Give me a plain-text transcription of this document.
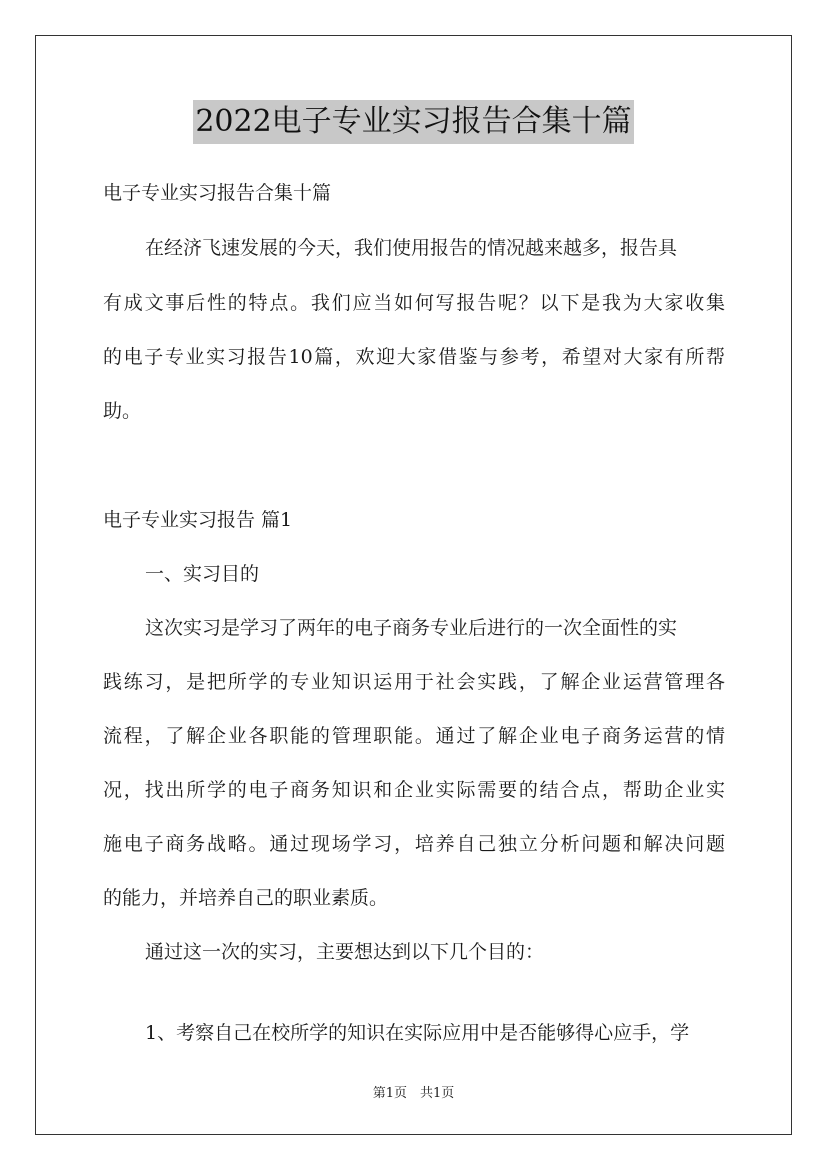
2022电子专业实习报告合集十篇
电子专业实习报告合集十篇
在经济飞速发展的今天，我们使用报告的情况越来越多，报告具
有成文事后性的特点。我们应当如何写报告呢？以下是我为大家收集
的电子专业实习报告10篇，欢迎大家借鉴与参考，希望对大家有所帮
助。
电子专业实习报告 篇1
一、实习目的
这次实习是学习了两年的电子商务专业后进行的一次全面性的实
践练习，是把所学的专业知识运用于社会实践，了解企业运营管理各
流程，了解企业各职能的管理职能。通过了解企业电子商务运营的情
况，找出所学的电子商务知识和企业实际需要的结合点，帮助企业实
施电子商务战略。通过现场学习，培养自己独立分析问题和解决问题
的能力，并培养自己的职业素质。
通过这一次的实习，主要想达到以下几个目的：
1、考察自己在校所学的知识在实际应用中是否能够得心应手，学
第1页　共1页
